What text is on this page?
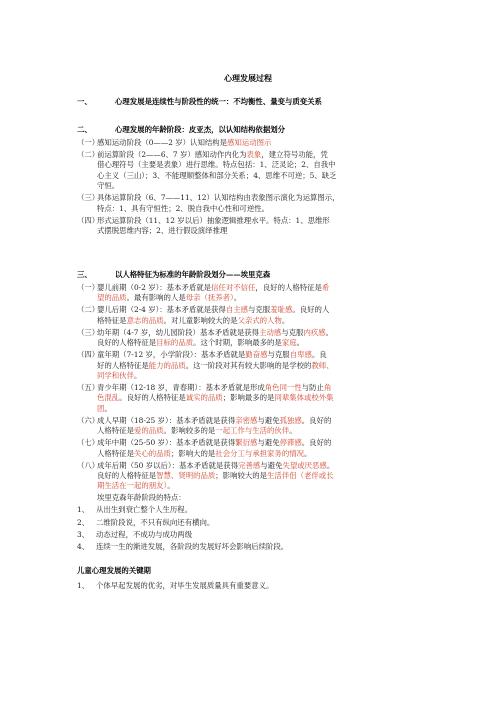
心理发展过程
一、	心理发展是连续性与阶段性的统一：不均衡性、量变与质变关系
二、	心理发展的年龄阶段：皮亚杰，以认知结构依据划分
（一）
感知运动阶段（0——2 岁）认知结构是感知运动图示
（二）
前运算阶段（2——6、7 岁）感知动作内化为表象，建立符号功能，凭
借心理符号（主要是表象）进行思维。特点包括：1、泛灵论；2、自我中
心主义（三山）；3、不能理顺整体和部分关系；4、思维不可逆；5、缺乏
守恒。
（三）
具体运算阶段（6、7——11、12）认知结构由表象图示演化为运算图示，
特点：1、具有守恒性；2、脱自我中心性和可逆性。
（四）
形式运算阶段（11、12 岁以后）抽象逻辑推理水平。特点：1、思维形
式摆脱思维内容；2、进行假设演绎推理
三、	以人格特征为标准的年龄阶段划分——埃里克森
（一）
婴儿前期（0-2 岁）：基本矛盾就是信任对不信任，良好的人格特征是希
望的品质。最有影响的人是母亲（抚养者）。
（二）
婴儿后期（2-4 岁）：基本矛盾就是获得自主感与克服羞耻感。良好的人
格特征是意志的品质。对儿童影响较大的是父亲式的人物。
（三）
幼年期（4-7 岁，幼儿园阶段）基本矛盾就是获得主动感与克服内疚感。
良好的人格特征是目标的品质。这个时期，影响最多的是家庭。
（四）
童年期（7-12 岁，小学阶段）：基本矛盾就是勤奋感与克服自卑感。良
好的人格特征是能力的品质。这一阶段对其有较大影响的是学校的教师、
同学和伙伴。
（五）
青少年期（12-18 岁，青春期）：基本矛盾就是形成角色同一性与防止角
色混乱。良好的人格特征是诚实的品质；影响最多的是同辈集体或校外集
团。
（六）
成人早期（18-25 岁）：基本矛盾就是获得亲密感与避免孤独感。良好的
人格特征是爱的品质。影响较多的是一起工作与生活的伙伴。
（七）
成年中期（25-50 岁）：基本矛盾就是获得繁衍感与避免停滞感。良好的
人格特征是关心的品质；影响大的是社会分工与承担家务的情况。
（八）
成年后期（50 岁以后）：基本矛盾就是获得完善感与避免失望或厌恶感。
良好的人格特征是智慧、贤明的品质；影响较大的是生活伴侣（老伴或长
期生活在一起的朋友）。
埃里克森年龄阶段的特点：
1、 从出生到衰亡整个人生历程。
2、 二维阶段说，不只有纵向还有横向。
3、 动态过程，不成功与成功两级
4、 连续一生的渐进发展，各阶段的发展好坏会影响后续阶段。
儿童心理发展的关键期
1、 个体早起发展的优劣，对毕生发展质量具有重要意义。
